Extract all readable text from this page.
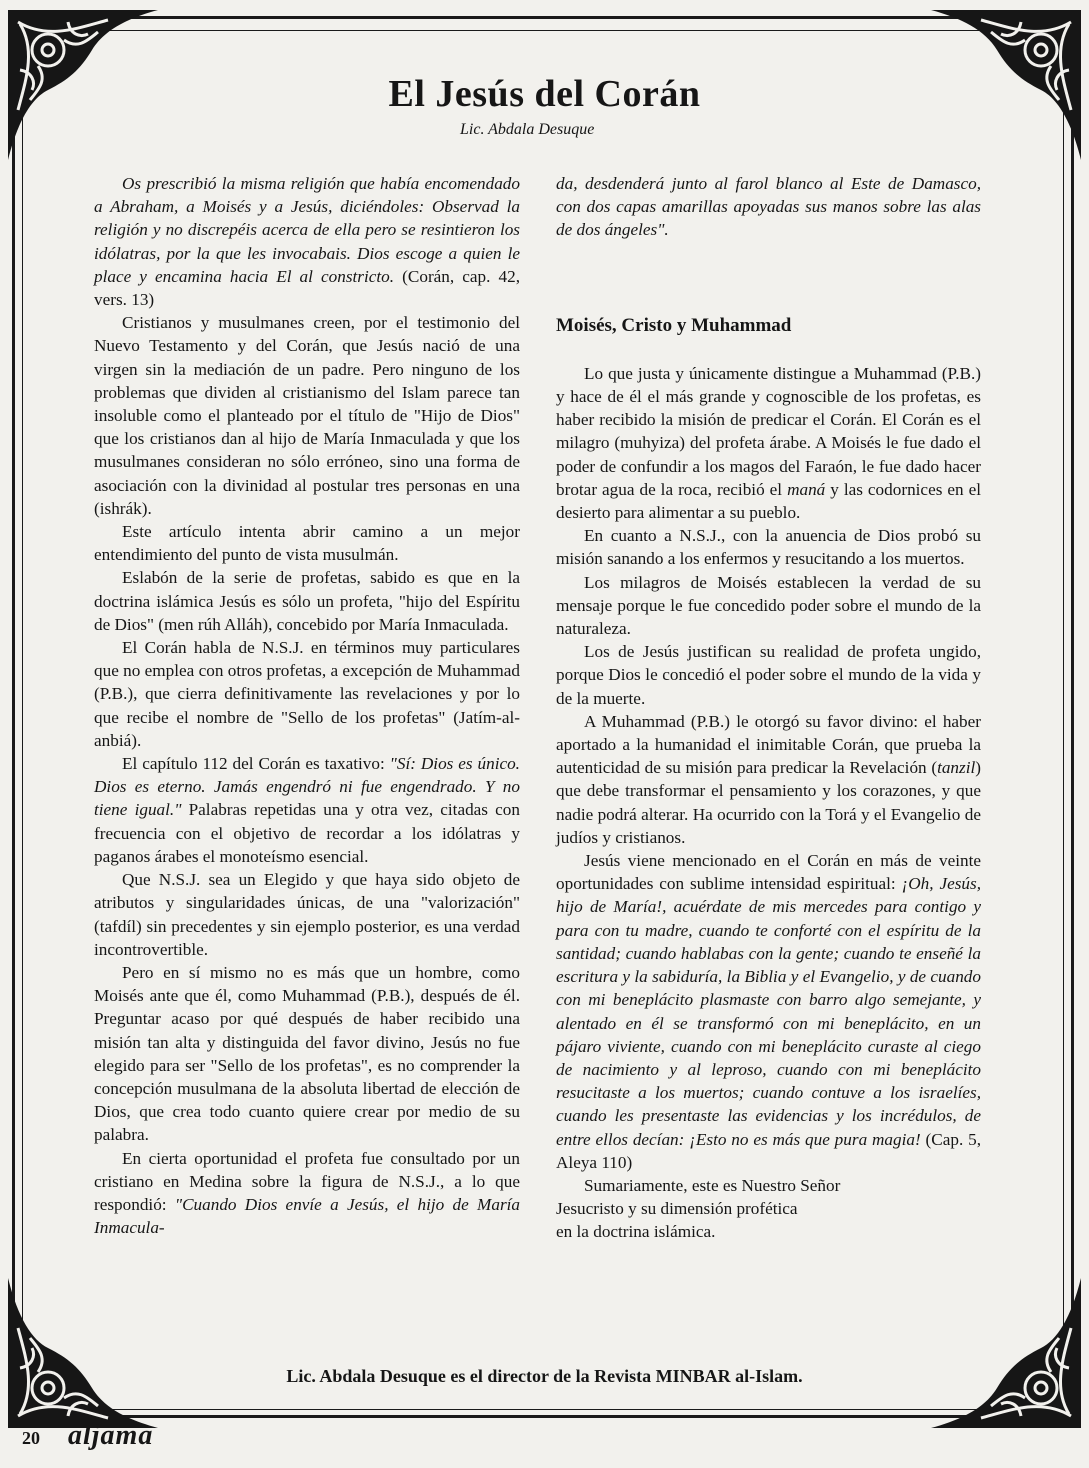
El Jesús del Corán
Lic. Abdala Desuque

Os prescribió la misma religión que había encomendado a Abraham, a Moisés y a Jesús, diciéndoles: Observad la religión y no discrepéis acerca de ella pero se resintieron los idólatras, por la que les invocabais. Dios escoge a quien le place y encamina hacia El al constricto. (Corán, cap. 42, vers. 13)

Cristianos y musulmanes creen, por el testimonio del Nuevo Testamento y del Corán, que Jesús nació de una virgen sin la mediación de un padre. Pero ninguno de los problemas que dividen al cristianismo del Islam parece tan insoluble como el planteado por el título de "Hijo de Dios" que los cristianos dan al hijo de María Inmaculada y que los musulmanes consideran no sólo erróneo, sino una forma de asociación con la divinidad al postular tres personas en una (ishrák).

Este artículo intenta abrir camino a un mejor entendimiento del punto de vista musulmán.

Eslabón de la serie de profetas, sabido es que en la doctrina islámica Jesús es sólo un profeta, "hijo del Espíritu de Dios" (men rúh Alláh), concebido por María Inmaculada.

El Corán habla de N.S.J. en términos muy particulares que no emplea con otros profetas, a excepción de Muhammad (P.B.), que cierra definitivamente las revelaciones y por lo que recibe el nombre de "Sello de los profetas" (Jatím-al-anbiá).

El capítulo 112 del Corán es taxativo: "Sí: Dios es único. Dios es eterno. Jamás engendró ni fue engendrado. Y no tiene igual." Palabras repetidas una y otra vez, citadas con frecuencia con el objetivo de recordar a los idólatras y paganos árabes el monoteísmo esencial.

Que N.S.J. sea un Elegido y que haya sido objeto de atributos y singularidades únicas, de una "valorización" (tafdíl) sin precedentes y sin ejemplo posterior, es una verdad incontrovertible.

Pero en sí mismo no es más que un hombre, como Moisés ante que él, como Muhammad (P.B.), después de él. Preguntar acaso por qué después de haber recibido una misión tan alta y distinguida del favor divino, Jesús no fue elegido para ser "Sello de los profetas", es no comprender la concepción musulmana de la absoluta libertad de elección de Dios, que crea todo cuanto quiere crear por medio de su palabra.

En cierta oportunidad el profeta fue consultado por un cristiano en Medina sobre la figura de N.S.J., a lo que respondió: "Cuando Dios envíe a Jesús, el hijo de María Inmacula-

da, desdenderá junto al farol blanco al Este de Damasco, con dos capas amarillas apoyadas sus manos sobre las alas de dos ángeles".

Moisés, Cristo y Muhammad

Lo que justa y únicamente distingue a Muhammad (P.B.) y hace de él el más grande y cognoscible de los profetas, es haber recibido la misión de predicar el Corán. El Corán es el milagro (muhyiza) del profeta árabe. A Moisés le fue dado el poder de confundir a los magos del Faraón, le fue dado hacer brotar agua de la roca, recibió el maná y las codornices en el desierto para alimentar a su pueblo.

En cuanto a N.S.J., con la anuencia de Dios probó su misión sanando a los enfermos y resucitando a los muertos.

Los milagros de Moisés establecen la verdad de su mensaje porque le fue concedido poder sobre el mundo de la naturaleza.

Los de Jesús justifican su realidad de profeta ungido, porque Dios le concedió el poder sobre el mundo de la vida y de la muerte.

A Muhammad (P.B.) le otorgó su favor divino: el haber aportado a la humanidad el inimitable Corán, que prueba la autenticidad de su misión para predicar la Revelación (tanzil) que debe transformar el pensamiento y los corazones, y que nadie podrá alterar. Ha ocurrido con la Torá y el Evangelio de judíos y cristianos.

Jesús viene mencionado en el Corán en más de veinte oportunidades con sublime intensidad espiritual: ¡Oh, Jesús, hijo de María!, acuérdate de mis mercedes para contigo y para con tu madre, cuando te conforté con el espíritu de la santidad; cuando hablabas con la gente; cuando te enseñé la escritura y la sabiduría, la Biblia y el Evangelio, y de cuando con mi beneplácito plasmaste con barro algo semejante, y alentado en él se transformó con mi beneplácito, en un pájaro viviente, cuando con mi beneplácito curaste al ciego de nacimiento y al leproso, cuando con mi beneplácito resucitaste a los muertos; cuando contuve a los israelíes, cuando les presentaste las evidencias y los incrédulos, de entre ellos decían: ¡Esto no es más que pura magia! (Cap. 5, Aleya 110)

Sumariamente, este es Nuestro Señor

Jesucristo y su dimensión profética

en la doctrina islámica.

Lic. Abdala Desuque es el director de la Revista MINBAR al-Islam.
20 aljama
